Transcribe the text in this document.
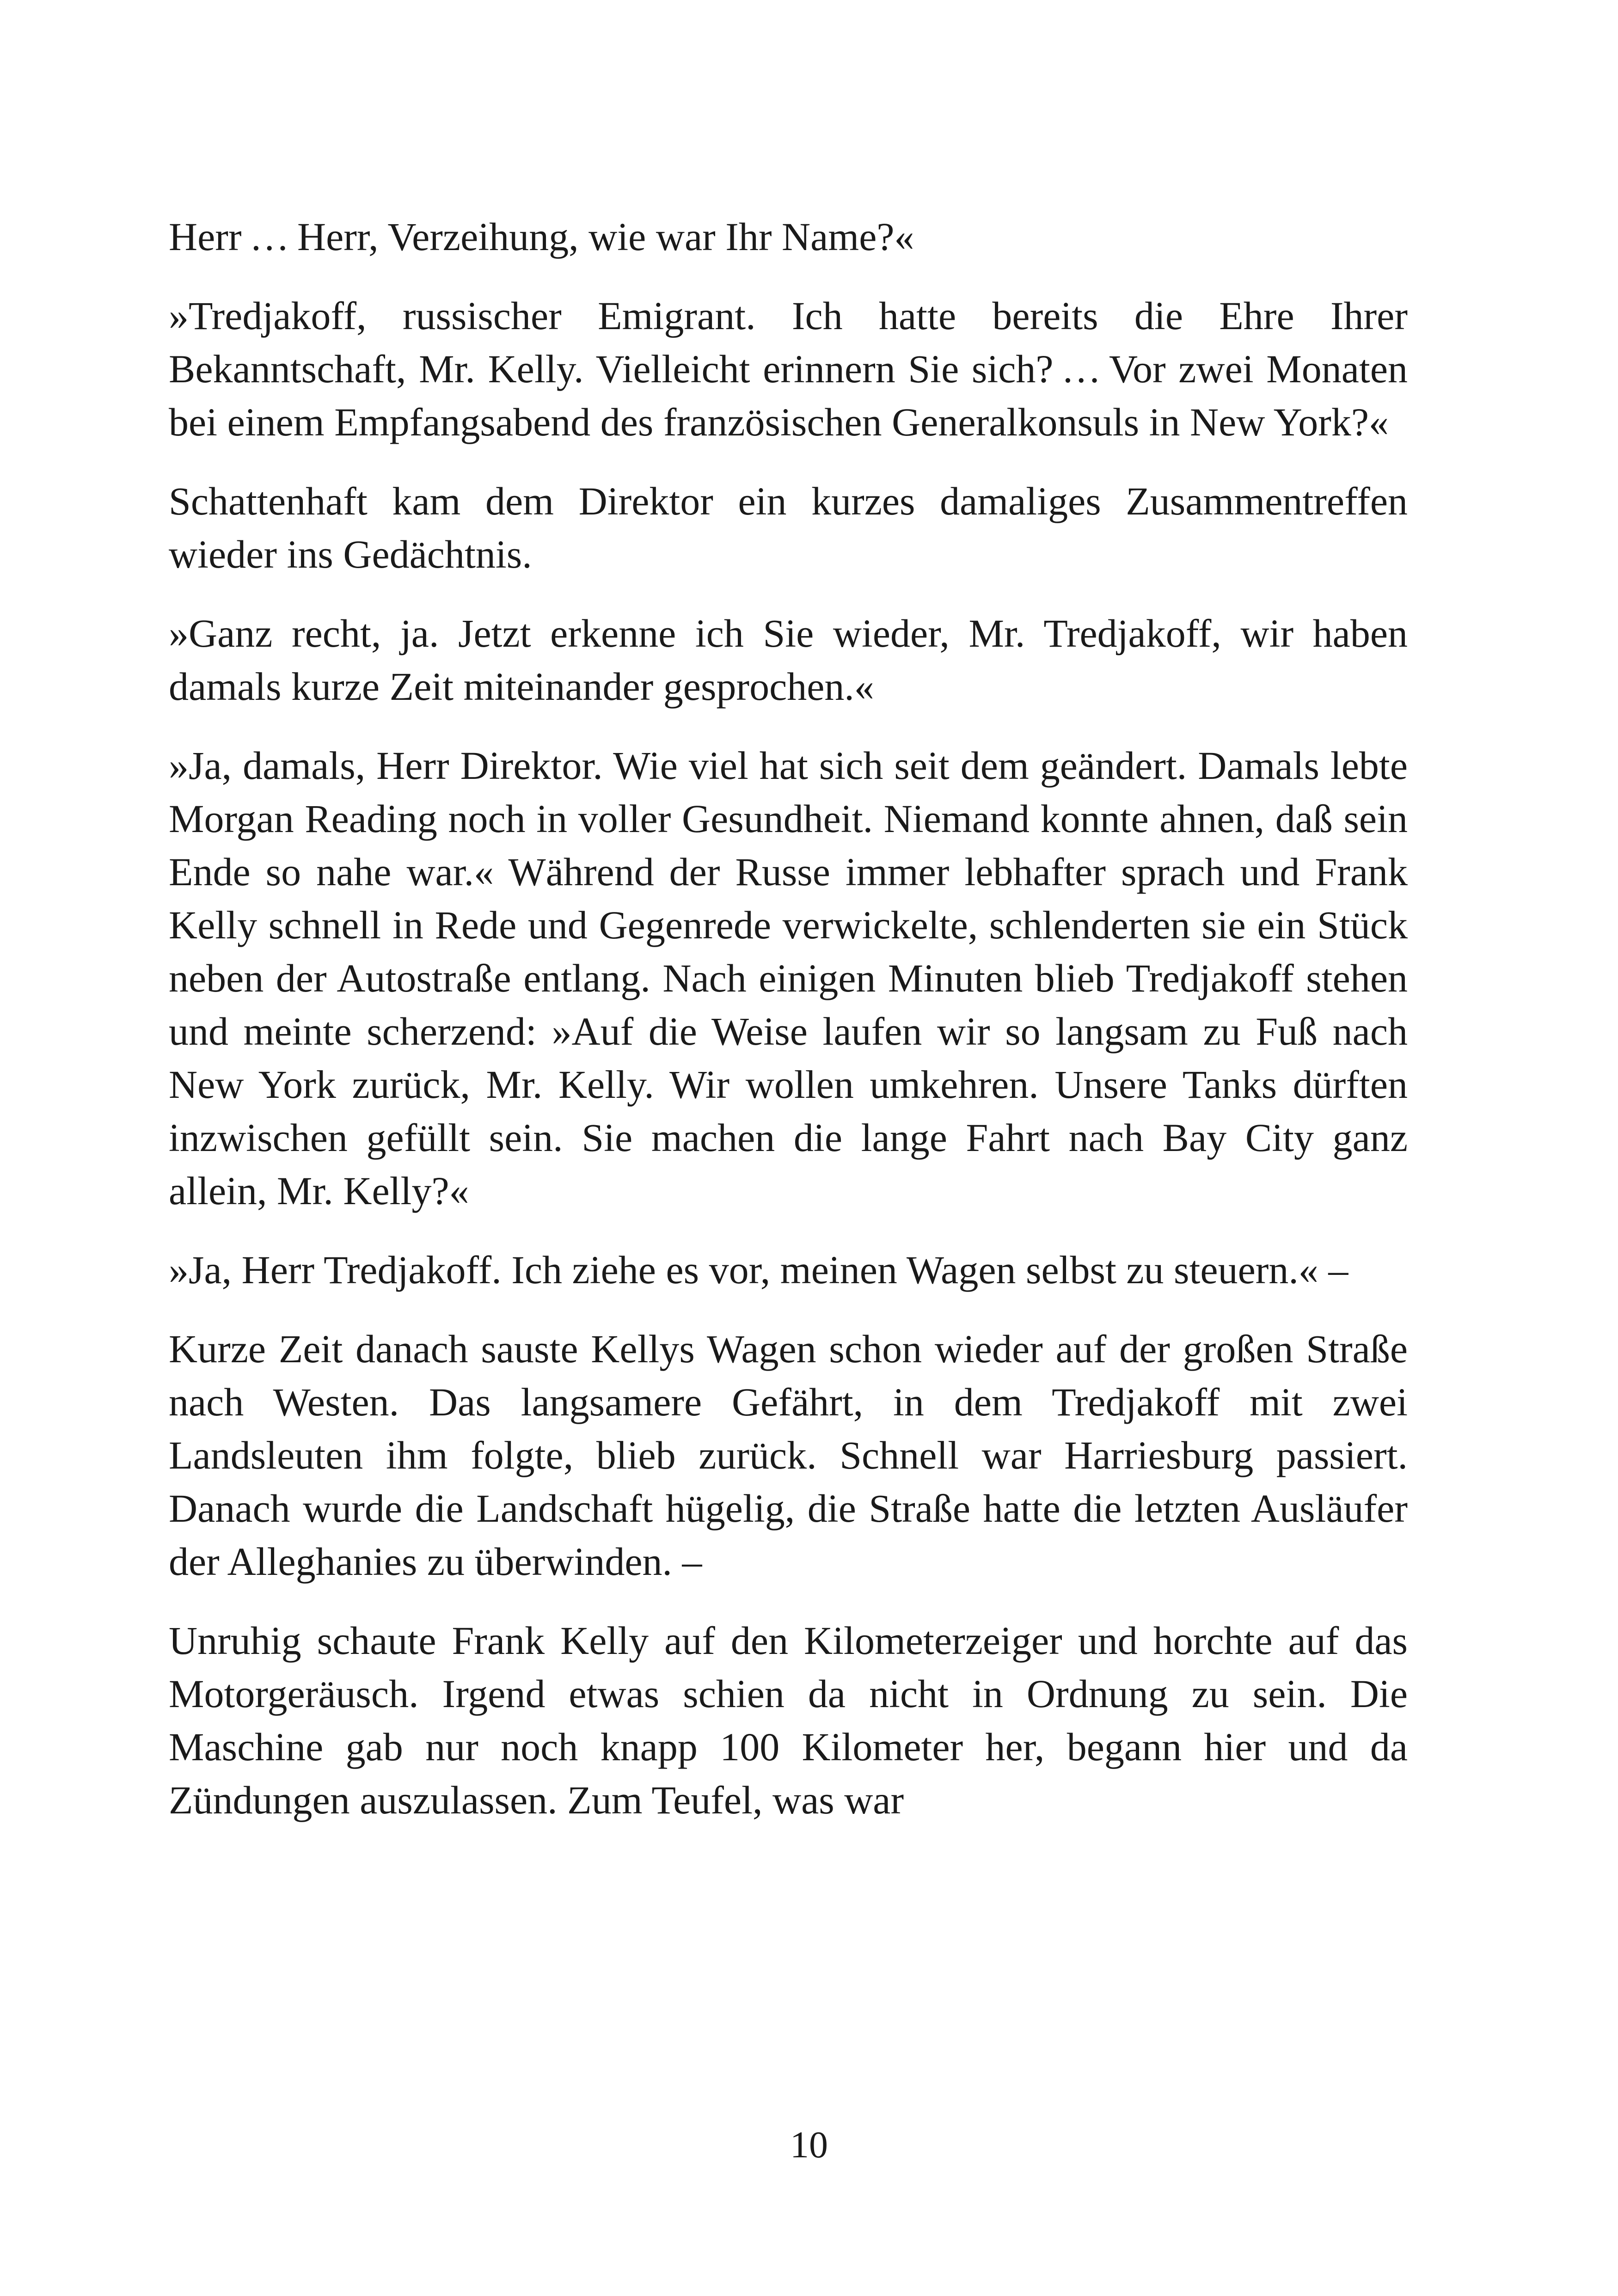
Herr … Herr, Verzeihung, wie war Ihr Name?«

»Tredjakoff, russischer Emigrant. Ich hatte bereits die Ehre Ihrer Bekanntschaft, Mr. Kelly. Vielleicht erinnern Sie sich? … Vor zwei Monaten bei einem Empfangsabend des französischen Generalkonsuls in New York?«

Schattenhaft kam dem Direktor ein kurzes damaliges Zusammentreffen wieder ins Gedächtnis.

»Ganz recht, ja. Jetzt erkenne ich Sie wieder, Mr. Tredjakoff, wir haben damals kurze Zeit miteinander gesprochen.«

»Ja, damals, Herr Direktor. Wie viel hat sich seit dem geändert. Damals lebte Morgan Reading noch in voller Gesundheit. Niemand konnte ahnen, daß sein Ende so nahe war.« Während der Russe immer lebhafter sprach und Frank Kelly schnell in Rede und Gegenrede verwickelte, schlenderten sie ein Stück neben der Autostraße entlang. Nach einigen Minuten blieb Tredjakoff stehen und meinte scherzend: »Auf die Weise laufen wir so langsam zu Fuß nach New York zurück, Mr. Kelly. Wir wollen umkehren. Unsere Tanks dürften inzwischen gefüllt sein. Sie machen die lange Fahrt nach Bay City ganz allein, Mr. Kelly?«

»Ja, Herr Tredjakoff. Ich ziehe es vor, meinen Wagen selbst zu steuern.« –

Kurze Zeit danach sauste Kellys Wagen schon wieder auf der großen Straße nach Westen. Das langsamere Gefährt, in dem Tredjakoff mit zwei Landsleuten ihm folgte, blieb zurück. Schnell war Harriesburg passiert. Danach wurde die Landschaft hügelig, die Straße hatte die letzten Ausläufer der Alleghanies zu überwinden. –

Unruhig schaute Frank Kelly auf den Kilometerzeiger und horchte auf das Motorgeräusch. Irgend etwas schien da nicht in Ordnung zu sein. Die Maschine gab nur noch knapp 100 Kilometer her, begann hier und da Zündungen auszulassen. Zum Teufel, was war

10
